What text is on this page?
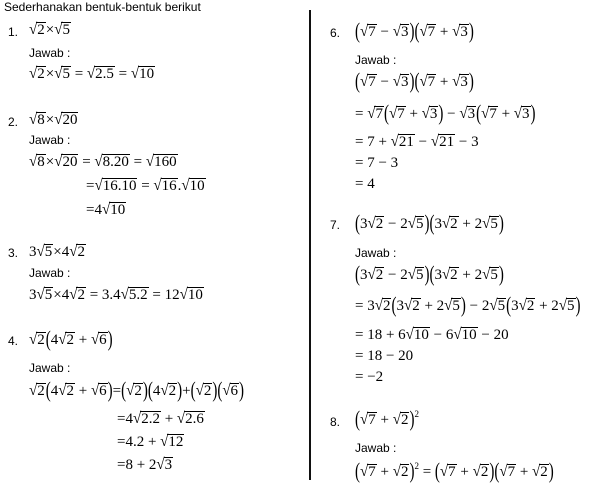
Sederhanakan bentuk-bentuk berikut
1. √2×√5
Jawab :
√2×√5 = √2.5 = √10
2. √8×√20
Jawab :
√8×√20 = √8.20 = √160
=√16.10 = √16.√10
=4√10
3. 3√5×4√2
Jawab :
3√5×4√2 = 3.4√5.2 = 12√10
4. √2(4√2 + √6)
Jawab :
√2(4√2 + √6)=(√2)(4√2)+(√2)(√6)
=4√2.2 + √2.6
=4.2 + √12
=8 + 2√3
6. (√7 − √3)(√7 + √3)
Jawab :
(√7 − √3)(√7 + √3)
= √7(√7 + √3) − √3(√7 + √3)
= 7 + √21 − √21 − 3
= 7 − 3
= 4
7. (3√2 − 2√5)(3√2 + 2√5)
Jawab :
(3√2 − 2√5)(3√2 + 2√5)
= 3√2(3√2 + 2√5) − 2√5(3√2 + 2√5)
= 18 + 6√10 − 6√10 − 20
= 18 − 20
= −2
8. $(√7 + √2)^2$
Jawab :
$(√7 + √2)^2 = (√7 + √2)(√7 + √2)$
